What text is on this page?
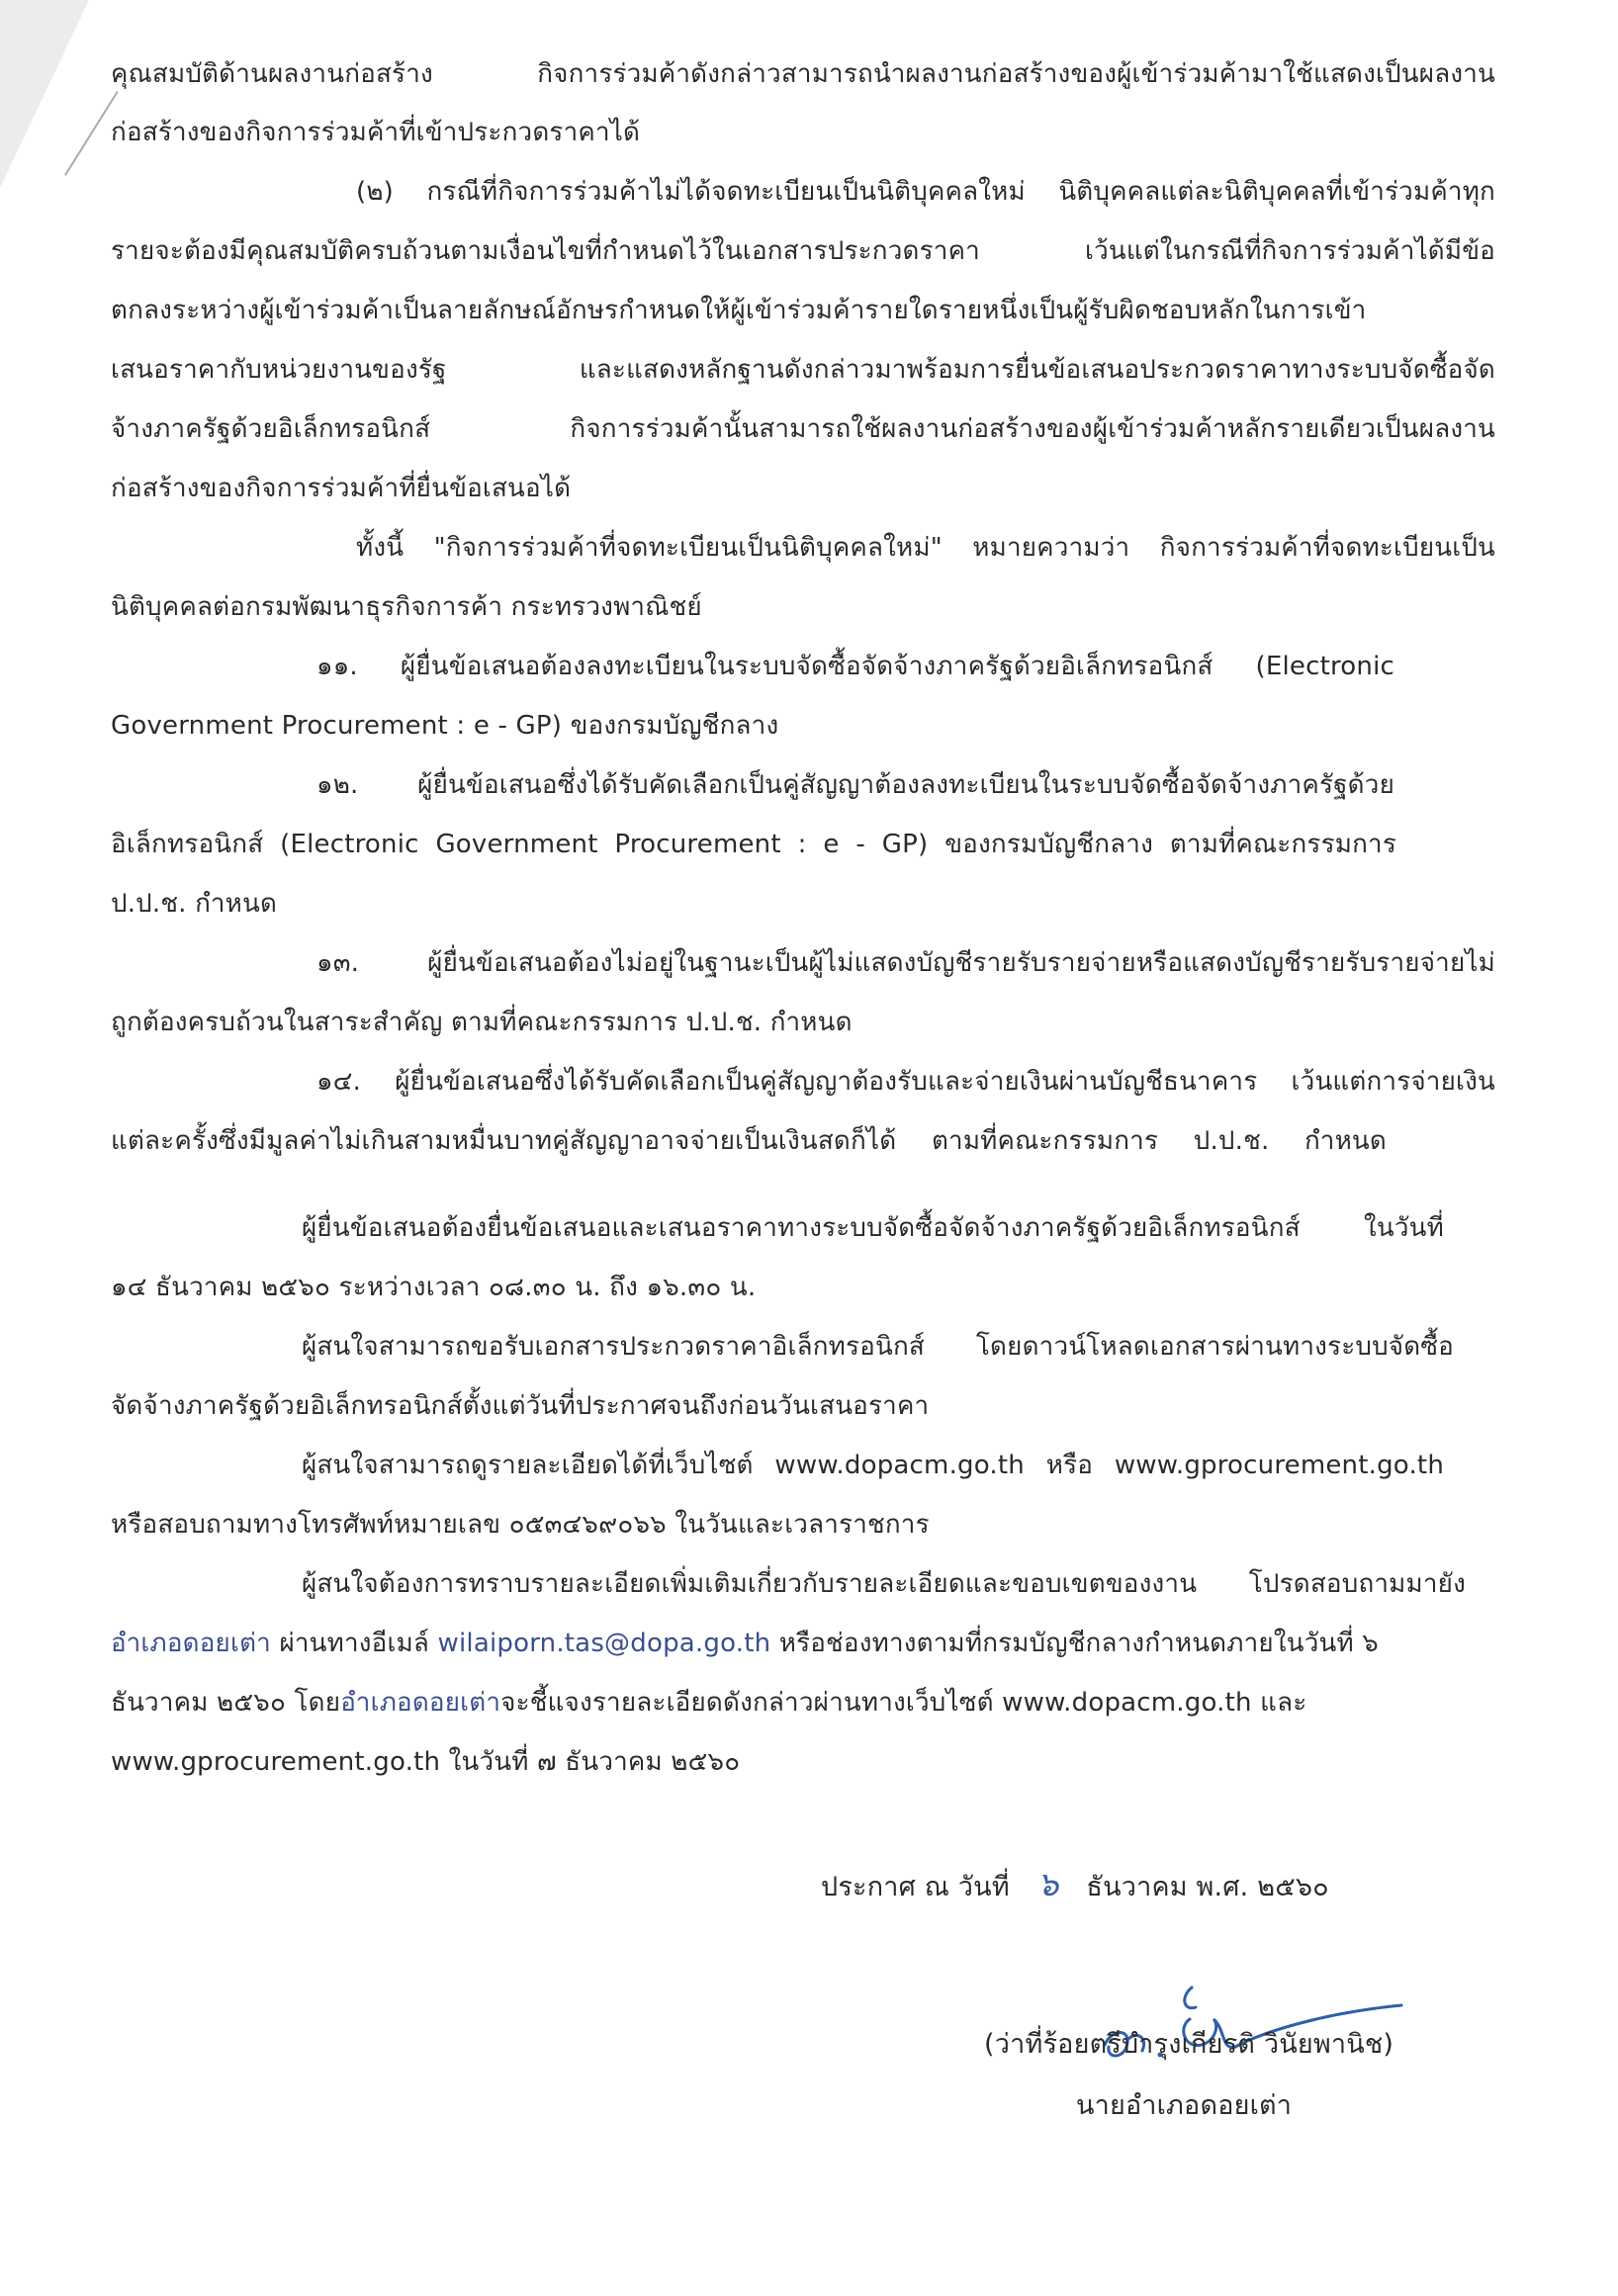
คุณสมบัติด้านผลงานก่อสร้าง กิจการร่วมค้าดังกล่าวสามารถนำผลงานก่อสร้างของผู้เข้าร่วมค้ามาใช้แสดงเป็นผลงาน

ก่อสร้างของกิจการร่วมค้าที่เข้าประกวดราคาได้

(๒) กรณีที่กิจการร่วมค้าไม่ได้จดทะเบียนเป็นนิติบุคคลใหม่ นิติบุคคลแต่ละนิติบุคคลที่เข้าร่วมค้าทุก

รายจะต้องมีคุณสมบัติครบถ้วนตามเงื่อนไขที่กำหนดไว้ในเอกสารประกวดราคา เว้นแต่ในกรณีที่กิจการร่วมค้าได้มีข้อ

ตกลงระหว่างผู้เข้าร่วมค้าเป็นลายลักษณ์อักษรกำหนดให้ผู้เข้าร่วมค้ารายใดรายหนึ่งเป็นผู้รับผิดชอบหลักในการเข้า

เสนอราคากับหน่วยงานของรัฐ และแสดงหลักฐานดังกล่าวมาพร้อมการยื่นข้อเสนอประกวดราคาทางระบบจัดซื้อจัด

จ้างภาครัฐด้วยอิเล็กทรอนิกส์ กิจการร่วมค้านั้นสามารถใช้ผลงานก่อสร้างของผู้เข้าร่วมค้าหลักรายเดียวเป็นผลงาน

ก่อสร้างของกิจการร่วมค้าที่ยื่นข้อเสนอได้

ทั้งนี้ "กิจการร่วมค้าที่จดทะเบียนเป็นนิติบุคคลใหม่" หมายความว่า กิจการร่วมค้าที่จดทะเบียนเป็น

นิติบุคคลต่อกรมพัฒนาธุรกิจการค้า กระทรวงพาณิชย์

๑๑. ผู้ยื่นข้อเสนอต้องลงทะเบียนในระบบจัดซื้อจัดจ้างภาครัฐด้วยอิเล็กทรอนิกส์ (Electronic

Government Procurement : e - GP) ของกรมบัญชีกลาง

๑๒. ผู้ยื่นข้อเสนอซึ่งได้รับคัดเลือกเป็นคู่สัญญาต้องลงทะเบียนในระบบจัดซื้อจัดจ้างภาครัฐด้วย

อิเล็กทรอนิกส์ (Electronic Government Procurement : e - GP) ของกรมบัญชีกลาง ตามที่คณะกรรมการ

ป.ป.ช. กำหนด

๑๓. ผู้ยื่นข้อเสนอต้องไม่อยู่ในฐานะเป็นผู้ไม่แสดงบัญชีรายรับรายจ่ายหรือแสดงบัญชีรายรับรายจ่ายไม่

ถูกต้องครบถ้วนในสาระสำคัญ ตามที่คณะกรรมการ ป.ป.ช. กำหนด

๑๔. ผู้ยื่นข้อเสนอซึ่งได้รับคัดเลือกเป็นคู่สัญญาต้องรับและจ่ายเงินผ่านบัญชีธนาคาร เว้นแต่การจ่ายเงิน

แต่ละครั้งซึ่งมีมูลค่าไม่เกินสามหมื่นบาทคู่สัญญาอาจจ่ายเป็นเงินสดก็ได้ ตามที่คณะกรรมการ ป.ป.ช. กำหนด

ผู้ยื่นข้อเสนอต้องยื่นข้อเสนอและเสนอราคาทางระบบจัดซื้อจัดจ้างภาครัฐด้วยอิเล็กทรอนิกส์ ในวันที่

๑๔ ธันวาคม ๒๕๖๐ ระหว่างเวลา ๐๘.๓๐ น. ถึง ๑๖.๓๐ น.

ผู้สนใจสามารถขอรับเอกสารประกวดราคาอิเล็กทรอนิกส์ โดยดาวน์โหลดเอกสารผ่านทางระบบจัดซื้อ

จัดจ้างภาครัฐด้วยอิเล็กทรอนิกส์ตั้งแต่วันที่ประกาศจนถึงก่อนวันเสนอราคา

ผู้สนใจสามารถดูรายละเอียดได้ที่เว็บไซต์ www.dopacm.go.th หรือ www.gprocurement.go.th

หรือสอบถามทางโทรศัพท์หมายเลข ๐๕๓๔๖๙๐๖๖ ในวันและเวลาราชการ

ผู้สนใจต้องการทราบรายละเอียดเพิ่มเติมเกี่ยวกับรายละเอียดและขอบเขตของงาน โปรดสอบถามมายัง

อำเภอดอยเต่า ผ่านทางอีเมล์ wilaiporn.tas@dopa.go.th หรือช่องทางตามที่กรมบัญชีกลางกำหนดภายในวันที่ ๖

ธันวาคม ๒๕๖๐ โดยอำเภอดอยเต่าจะชี้แจงรายละเอียดดังกล่าวผ่านทางเว็บไซต์ www.dopacm.go.th และ

www.gprocurement.go.th ในวันที่ ๗ ธันวาคม ๒๕๖๐

ประกาศ ณ วันที่ ๖ ธันวาคม พ.ศ. ๒๕๖๐

(ว่าที่ร้อยตรีบำรุงเกียรติ วินัยพานิช)

นายอำเภอดอยเต่า
